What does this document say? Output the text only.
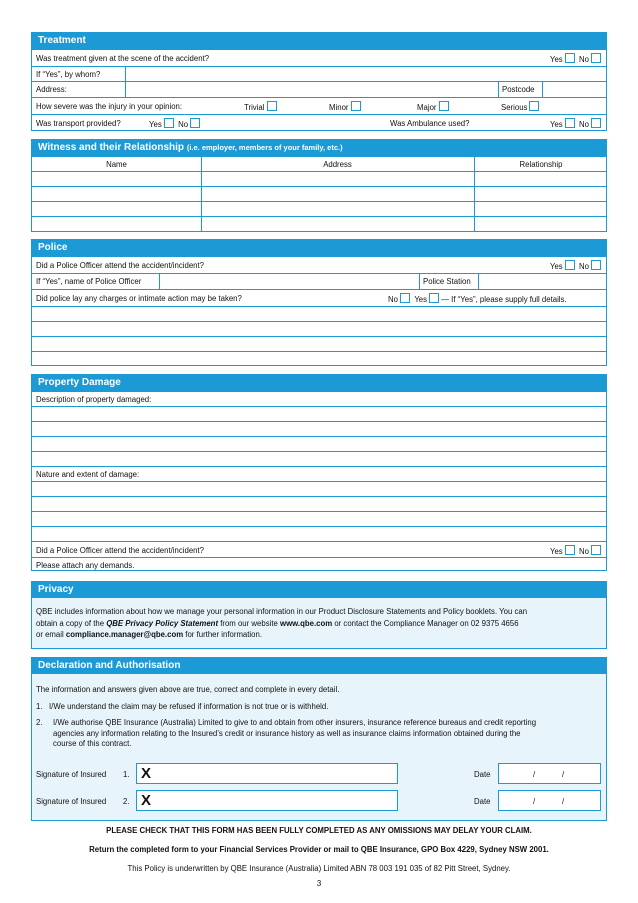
Treatment
Was treatment given at the scene of the accident?	Yes No
If “Yes”, by whom?
Address:	Postcode
How severe was the injury in your opinion:	Trivial	Minor	Major	Serious
Was transport provided?	Yes No	Was Ambulance used?	Yes No
Witness and their Relationship (i.e. employer, members of your family, etc.)
Name	Address	Relationship
Police
Did a Police Officer attend the accident/incident?	Yes No
If “Yes”, name of Police Officer	Police Station
Did police lay any charges or intimate action may be taken?	No Yes — If “Yes”, please supply full details.
Property Damage
Description of property damaged:
Nature and extent of damage:
Did a Police Officer attend the accident/incident?	Yes No
Please attach any demands.
Privacy
QBE includes information about how we manage your personal information in our Product Disclosure Statements and Policy booklets. You can
obtain a copy of the QBE Privacy Policy Statement from our website www.qbe.com or contact the Compliance Manager on 02 9375 4656
or email compliance.manager@qbe.com for further information.
Declaration and Authorisation
The information and answers given above are true, correct and complete in every detail.
1. I/We understand the claim may be refused if information is not true or is withheld.
2. I/We authorise QBE Insurance (Australia) Limited to give to and obtain from other insurers, insurance reference bureaus and credit reporting
agencies any information relating to the Insured’s credit or insurance history as well as insurance claims information obtained during the
course of this contract.
Signature of Insured 1. X	Date	/	/
Signature of Insured 2. X	Date	/	/
PLEASE CHECK THAT THIS FORM HAS BEEN FULLY COMPLETED AS ANY OMISSIONS MAY DELAY YOUR CLAIM.
Return the completed form to your Financial Services Provider or mail to QBE Insurance, GPO Box 4229, Sydney NSW 2001.
This Policy is underwritten by QBE Insurance (Australia) Limited ABN 78 003 191 035 of 82 Pitt Street, Sydney.
3
